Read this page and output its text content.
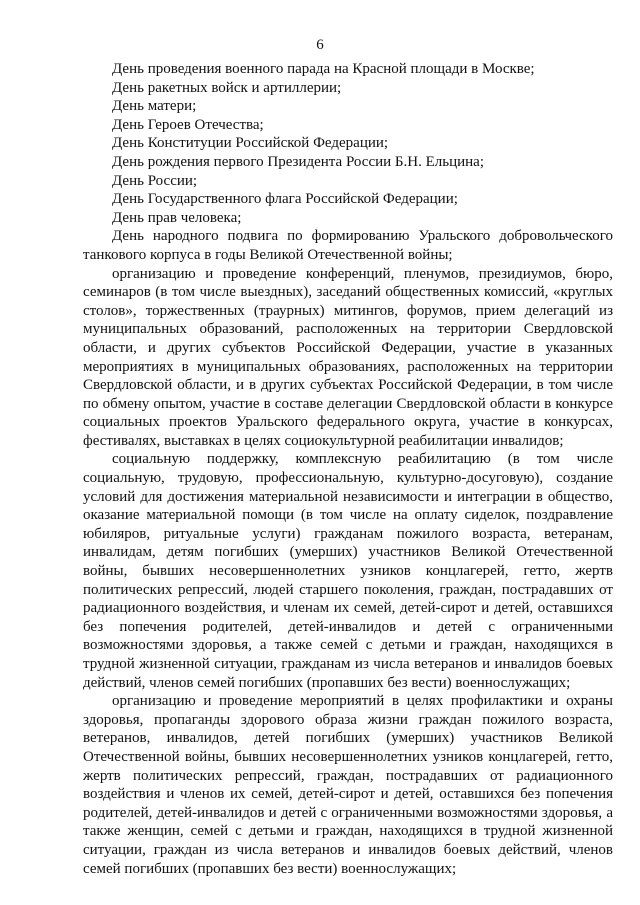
6

День проведения военного парада на Красной площади в Москве;

День ракетных войск и артиллерии;

День матери;

День Героев Отечества;

День Конституции Российской Федерации;

День рождения первого Президента России Б.Н. Ельцина;

День России;

День Государственного флага Российской Федерации;

День прав человека;

День народного подвига по формированию Уральского добровольческого танкового корпуса в годы Великой Отечественной войны;

организацию и проведение конференций, пленумов, президиумов, бюро, семинаров (в том числе выездных), заседаний общественных комиссий, «круглых столов», торжественных (траурных) митингов, форумов, прием делегаций из муниципальных образований, расположенных на территории Свердловской области, и других субъектов Российской Федерации, участие в указанных мероприятиях в муниципальных образованиях, расположенных на территории Свердловской области, и в других субъектах Российской Федерации, в том числе по обмену опытом, участие в составе делегации Свердловской области в конкурсе социальных проектов Уральского федерального округа, участие в конкурсах, фестивалях, выставках в целях социокультурной реабилитации инвалидов;

социальную поддержку, комплексную реабилитацию (в том числе социальную, трудовую, профессиональную, культурно-досуговую), создание условий для достижения материальной независимости и интеграции в общество, оказание материальной помощи (в том числе на оплату сиделок, поздравление юбиляров, ритуальные услуги) гражданам пожилого возраста, ветеранам, инвалидам, детям погибших (умерших) участников Великой Отечественной войны, бывших несовершеннолетних узников концлагерей, гетто, жертв политических репрессий, людей старшего поколения, граждан, пострадавших от радиационного воздействия, и членам их семей, детей-сирот и детей, оставшихся без попечения родителей, детей-инвалидов и детей с ограниченными возможностями здоровья, а также семей с детьми и граждан, находящихся в трудной жизненной ситуации, гражданам из числа ветеранов и инвалидов боевых действий, членов семей погибших (пропавших без вести) военнослужащих;

организацию и проведение мероприятий в целях профилактики и охраны здоровья, пропаганды здорового образа жизни граждан пожилого возраста, ветеранов, инвалидов, детей погибших (умерших) участников Великой Отечественной войны, бывших несовершеннолетних узников концлагерей, гетто, жертв политических репрессий, граждан, пострадавших от радиационного воздействия и членов их семей, детей-сирот и детей, оставшихся без попечения родителей, детей-инвалидов и детей с ограниченными возможностями здоровья, а также женщин, семей с детьми и граждан, находящихся в трудной жизненной ситуации, граждан из числа ветеранов и инвалидов боевых действий, членов семей погибших (пропавших без вести) военнослужащих;
